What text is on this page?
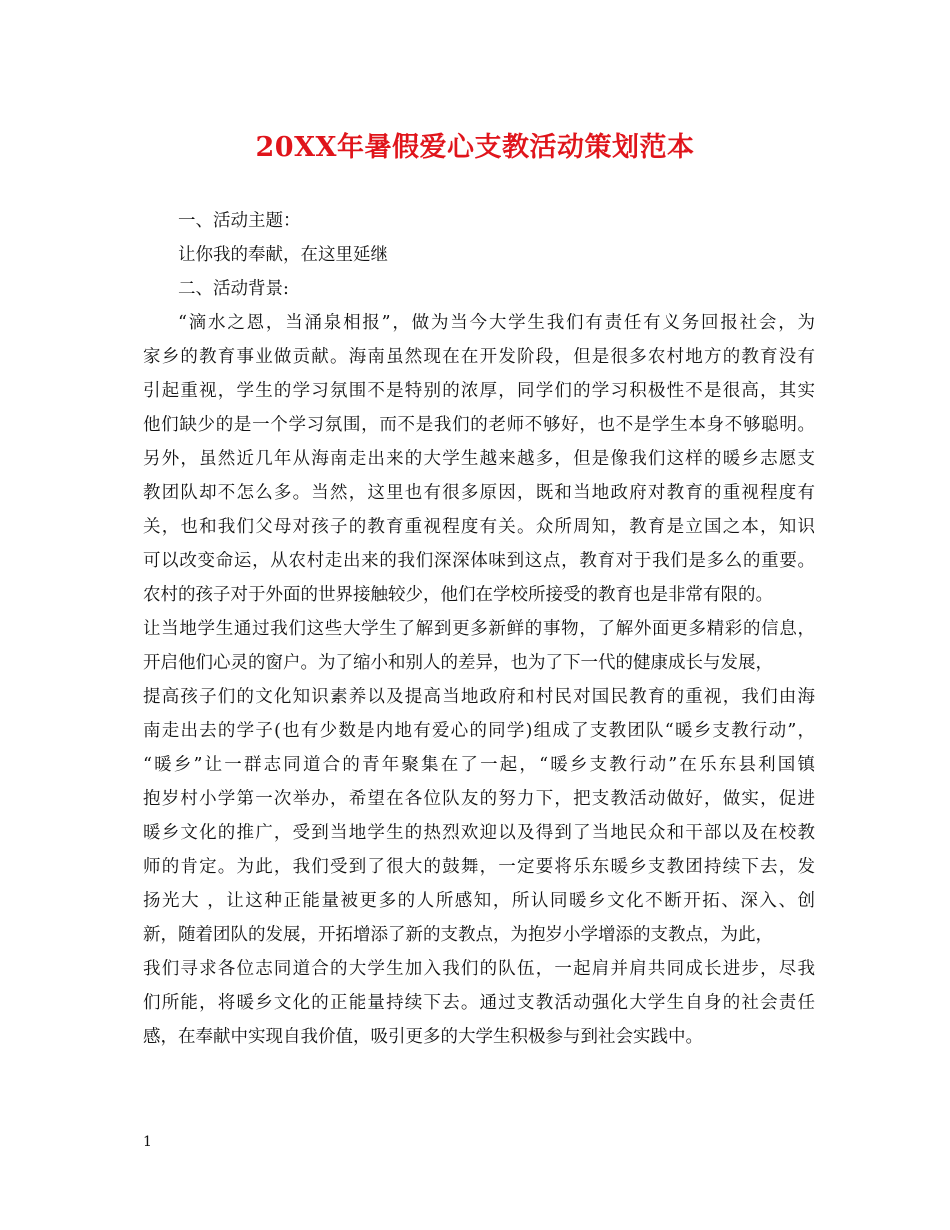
20XX年暑假爱心支教活动策划范本
一、活动主题：
让你我的奉献，在这里延继
二、活动背景:
“滴水之恩，当涌泉相报”，做为当今大学生我们有责任有义务回报社会，为
家乡的教育事业做贡献。海南虽然现在在开发阶段，但是很多农村地方的教育没有
引起重视，学生的学习氛围不是特别的浓厚，同学们的学习积极性不是很高，其实
他们缺少的是一个学习氛围，而不是我们的老师不够好，也不是学生本身不够聪明。
另外，虽然近几年从海南走出来的大学生越来越多，但是像我们这样的暖乡志愿支
教团队却不怎么多。当然，这里也有很多原因，既和当地政府对教育的重视程度有
关，也和我们父母对孩子的教育重视程度有关。众所周知，教育是立国之本，知识
可以改变命运，从农村走出来的我们深深体味到这点，教育对于我们是多么的重要。
农村的孩子对于外面的世界接触较少，他们在学校所接受的教育也是非常有限的。
让当地学生通过我们这些大学生了解到更多新鲜的事物，了解外面更多精彩的信息，
开启他们心灵的窗户。为了缩小和别人的差异，也为了下一代的健康成长与发展，
提高孩子们的文化知识素养以及提高当地政府和村民对国民教育的重视，我们由海
南走出去的学子(也有少数是内地有爱心的同学)组成了支教团队“暖乡支教行动”，
“暖乡”让一群志同道合的青年聚集在了一起，“暖乡支教行动”在乐东县利国镇
抱岁村小学第一次举办，希望在各位队友的努力下，把支教活动做好，做实，促进
暖乡文化的推广，受到当地学生的热烈欢迎以及得到了当地民众和干部以及在校教
师的肯定。为此，我们受到了很大的鼓舞，一定要将乐东暖乡支教团持续下去，发
扬光大 ，让这种正能量被更多的人所感知，所认同暖乡文化不断开拓、深入、创
新，随着团队的发展，开拓增添了新的支教点，为抱岁小学增添的支教点，为此，
我们寻求各位志同道合的大学生加入我们的队伍，一起肩并肩共同成长进步，尽我
们所能，将暖乡文化的正能量持续下去。通过支教活动强化大学生自身的社会责任
感，在奉献中实现自我价值，吸引更多的大学生积极参与到社会实践中。
1
